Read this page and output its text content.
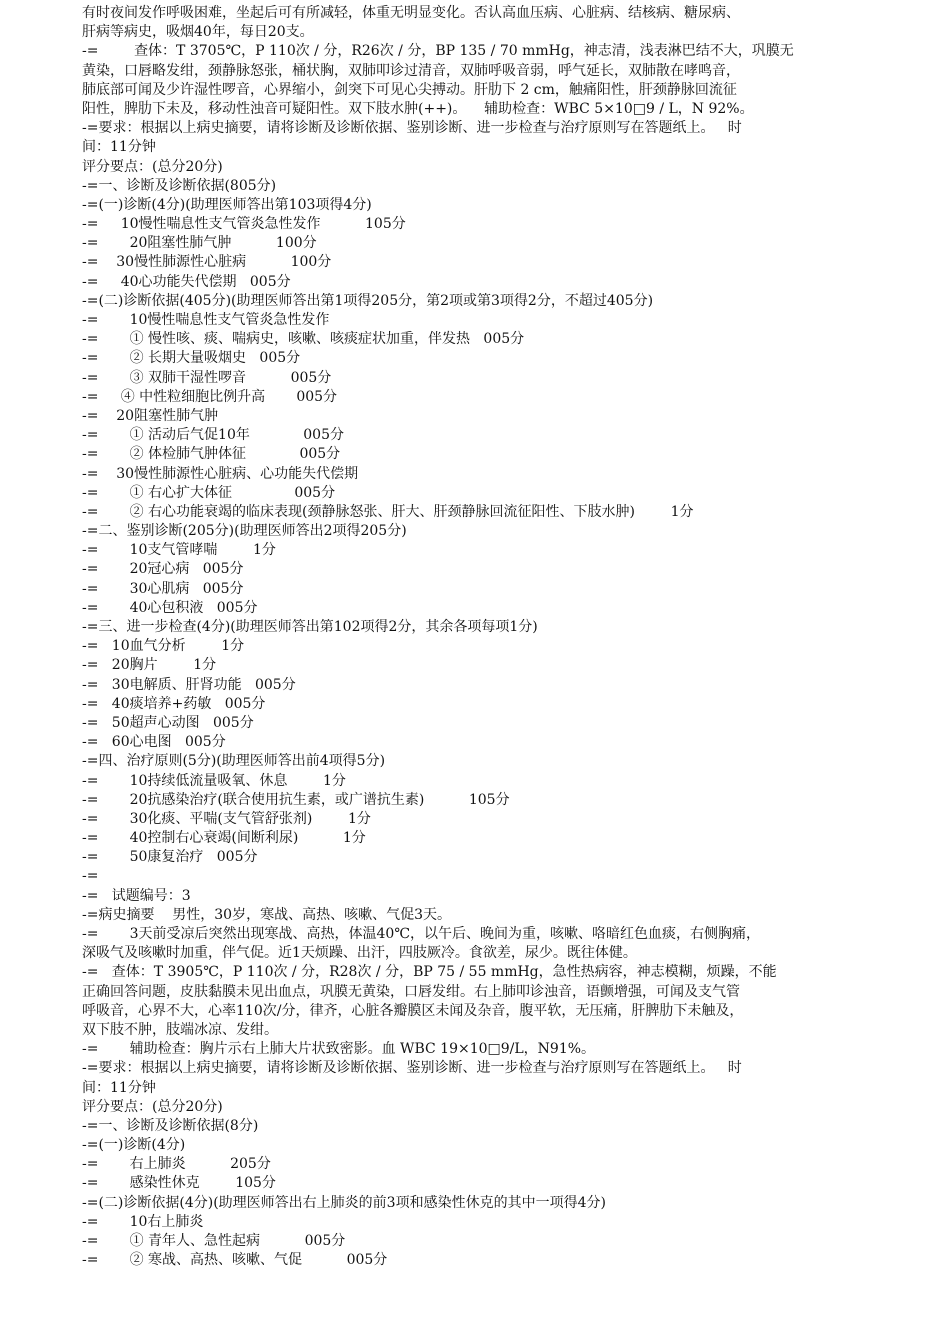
有时夜间发作呼吸困难，坐起后可有所减轻，体重无明显变化。否认高血压病、心脏病、结核病、糖尿病、
肝病等病史，吸烟40年，每日20支。
-=        查体：T 3705℃，P 110次 / 分，R26次 / 分，BP 135 / 70 mmHg，神志清，浅表淋巴结不大，巩膜无
黄染，口唇略发绀，颈静脉怒张，桶状胸，双肺叩诊过清音，双肺呼吸音弱，呼气延长，双肺散在哮鸣音，
肺底部可闻及少许湿性啰音，心界缩小，剑突下可见心尖搏动。肝肋下 2 cm，触痛阳性，肝颈静脉回流征
阳性，脾肋下未及，移动性浊音可疑阳性。双下肢水肿(++)。    辅助检查：WBC 5×10□9 / L，N 92%。
-=要求：根据以上病史摘要，请将诊断及诊断依据、鉴别诊断、进一步检查与治疗原则写在答题纸上。   时
间：11分钟
评分要点：(总分20分)
-=一、诊断及诊断依据(805分)
-=(一)诊断(4分)(助理医师答出第103项得4分)
-=     10慢性喘息性支气管炎急性发作          105分
-=       20阻塞性肺气肿          100分
-=    30慢性肺源性心脏病          100分
-=     40心功能失代偿期   005分
-=(二)诊断依据(405分)(助理医师答出第1项得205分，第2项或第3项得2分，不超过405分)
-=       10慢性喘息性支气管炎急性发作
-=       ① 慢性咳、痰、喘病史，咳嗽、咳痰症状加重，伴发热   005分
-=       ② 长期大量吸烟史   005分
-=       ③ 双肺干湿性啰音          005分
-=     ④ 中性粒细胞比例升高       005分
-=    20阻塞性肺气肿
-=       ① 活动后气促10年            005分
-=       ② 体检肺气肿体征            005分
-=    30慢性肺源性心脏病、心功能失代偿期
-=       ① 右心扩大体征              005分
-=       ② 右心功能衰竭的临床表现(颈静脉怒张、肝大、肝颈静脉回流征阳性、下肢水肿)        1分
-=二、鉴别诊断(205分)(助理医师答出2项得205分)
-=       10支气管哮喘        1分
-=       20冠心病   005分
-=       30心肌病   005分
-=       40心包积液   005分
-=三、进一步检查(4分)(助理医师答出第102项得2分，其余各项每项1分)
-=   10血气分析        1分
-=   20胸片        1分
-=   30电解质、肝肾功能   005分
-=   40痰培养+药敏   005分
-=   50超声心动图   005分
-=   60心电图   005分
-=四、治疗原则(5分)(助理医师答出前4项得5分)
-=       10持续低流量吸氧、休息        1分
-=       20抗感染治疗(联合使用抗生素，或广谱抗生素)          105分
-=       30化痰、平喘(支气管舒张剂)        1分
-=       40控制右心衰竭(间断利尿)          1分
-=       50康复治疗   005分
-=
-=   试题编号：3
-=病史摘要    男性，30岁，寒战、高热、咳嗽、气促3天。
-=       3天前受凉后突然出现寒战、高热，体温40℃，以午后、晚间为重，咳嗽、咯暗红色血痰，右侧胸痛，
深吸气及咳嗽时加重，伴气促。近1天烦躁、出汗，四肢厥冷。食欲差，尿少。既往体健。
-=   查体：T 3905℃，P 110次 / 分，R28次 / 分，BP 75 / 55 mmHg，急性热病容，神志模糊，烦躁，不能
正确回答问题，皮肤黏膜未见出血点，巩膜无黄染，口唇发绀。右上肺叩诊浊音，语颤增强，可闻及支气管
呼吸音，心界不大，心率110次/分，律齐，心脏各瓣膜区未闻及杂音，腹平软，无压痛，肝脾肋下未触及，
双下肢不肿，肢端冰凉、发绀。
-=       辅助检查：胸片示右上肺大片状致密影。血 WBC 19×10□9/L，N91%。
-=要求：根据以上病史摘要，请将诊断及诊断依据、鉴别诊断、进一步检查与治疗原则写在答题纸上。   时
间：11分钟
评分要点：(总分20分)
-=一、诊断及诊断依据(8分)
-=(一)诊断(4分)
-=       右上肺炎          205分
-=       感染性休克        105分
-=(二)诊断依据(4分)(助理医师答出右上肺炎的前3项和感染性休克的其中一项得4分)
-=       10右上肺炎
-=       ① 青年人、急性起病          005分
-=       ② 寒战、高热、咳嗽、气促          005分
